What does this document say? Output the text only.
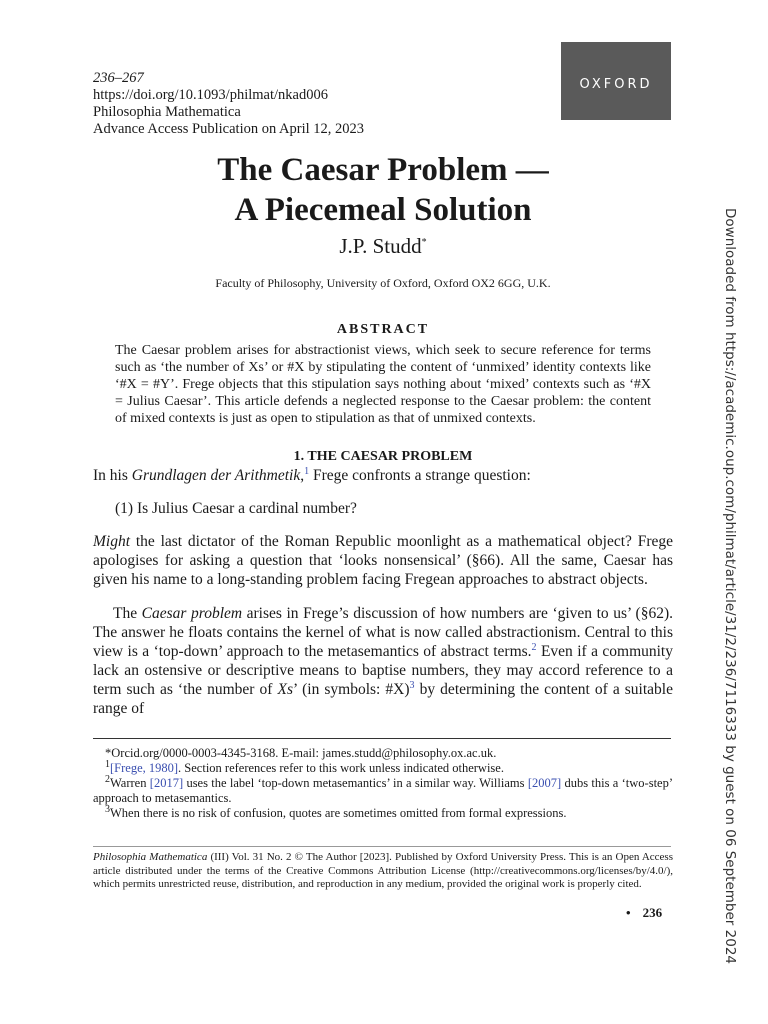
236–267
https://doi.org/10.1093/philmat/nkad006
Philosophia Mathematica
Advance Access Publication on April 12, 2023
OXFORD
The Caesar Problem —
A Piecemeal Solution
J.P. Studd*
Faculty of Philosophy, University of Oxford, Oxford OX2 6GG, U.K.
ABSTRACT
The Caesar problem arises for abstractionist views, which seek to secure reference for terms such as ‘the number of Xs’ or #X by stipulating the content of ‘unmixed’ identity contexts like ‘#X = #Y’. Frege objects that this stipulation says nothing about ‘mixed’ contexts such as ‘#X = Julius Caesar’. This article defends a neglected response to the Caesar problem: the content of mixed contexts is just as open to stipulation as that of unmixed contexts.
1. THE CAESAR PROBLEM
In his Grundlagen der Arithmetik,$^1$ Frege confronts a strange question:
(1) Is Julius Caesar a cardinal number?
Might the last dictator of the Roman Republic moonlight as a mathematical object? Frege apologises for asking a question that ‘looks nonsensical’ (§66). All the same, Caesar has given his name to a long-standing problem facing Fregean approaches to abstract objects.
The Caesar problem arises in Frege’s discussion of how numbers are ‘given to us’ (§62). The answer he floats contains the kernel of what is now called abstractionism. Central to this view is a ‘top-down’ approach to the metasemantics of abstract terms.$^2$ Even if a community lack an ostensive or descriptive means to baptise numbers, they may accord reference to a term such as ‘the number of Xs’ (in symbols: #X)$^3$ by determining the content of a suitable range of

*Orcid.org/0000-0003-4345-3168. E-mail: james.studd@philosophy.ox.ac.uk.

$^1$[Frege, 1980]. Section references refer to this work unless indicated otherwise.

$^2$Warren [2017] uses the label ‘top-down metasemantics’ in a similar way. Williams [2007] dubs this a ‘two-step’ approach to metasemantics.

$^3$When there is no risk of confusion, quotes are sometimes omitted from formal expressions.

Philosophia Mathematica (III) Vol. 31 No. 2 © The Author [2023]. Published by Oxford University Press. This is an Open Access article distributed under the terms of the Creative Commons Attribution License (http://creativecommons.org/licenses/by/4.0/), which permits unrestricted reuse, distribution, and reproduction in any medium, provided the original work is properly cited.
• 236	Downloaded from https://academic.oup.com/philmat/article/31/2/236/7116333 by guest on 06 September 2024
